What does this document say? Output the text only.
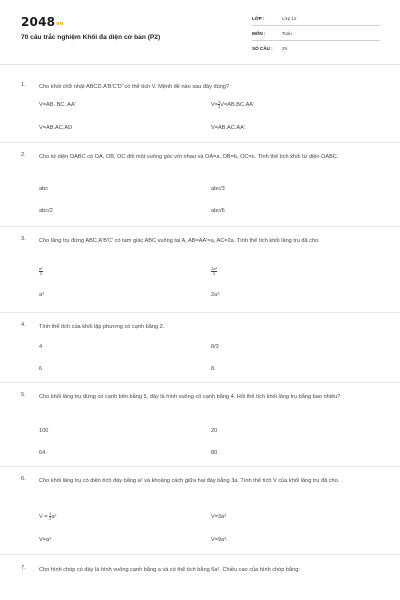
$2048^{vn}$
70 câu trắc nghiệm Khối đa diện cơ bản (P2)
LỚP :	Lớp 12
MÔN :	Toán
SỐ CÂU : 29
1. Cho khối chữ nhật ABCD.A'B'C'D' có thể tích V. Mệnh đề nào sau đây đúng?
V=AB. BC. AA'	$V= \frac{1}{3} V=AB.BC.AA'$
V=AB.AC.AD	V=AB.AC.AA'.
2. Cho tứ diện OABC có OA, OB, OC đôi một vuông góc với nhau và OA=a, OB=b, OC=c. Tính thể tích khối tứ diện OABC.
abc	abc/3
abc/2	abc/6
3. Cho lăng trụ đứng ABC.A'B'C' có tam giác ABC vuông tại A, AB=AA'=a, AC=2a. Tính thể tích khối lăng trụ đã cho.
$\frac{\text{a³}}{3}$	$\frac{\text{2a³}}{3}$
a³	2a³.
4. Tính thể tích của khối lập phương có cạnh bằng 2.
4	8/3
6	8.
5. Cho khối lăng trụ đứng có cạnh bên bằng 5, đáy là hình vuông có cạnh bằng 4. Hỏi thể tích khối lăng trụ bằng bao nhiêu?
100	20
64	80.
6. Cho khối lăng trụ có diện tích đáy bằng a² và khoảng cách giữa hai đáy bằng 3a. Tính thể tích V của khối lăng trụ đã cho.
$V = \frac{3}{2} a^3$	V=3a³
V=a³	V=9a³.
7. Cho hình chóp có đáy là hình vuông cạnh bằng a và có thể tích bằng 6a³. Chiều cao của hình chóp bằng:
